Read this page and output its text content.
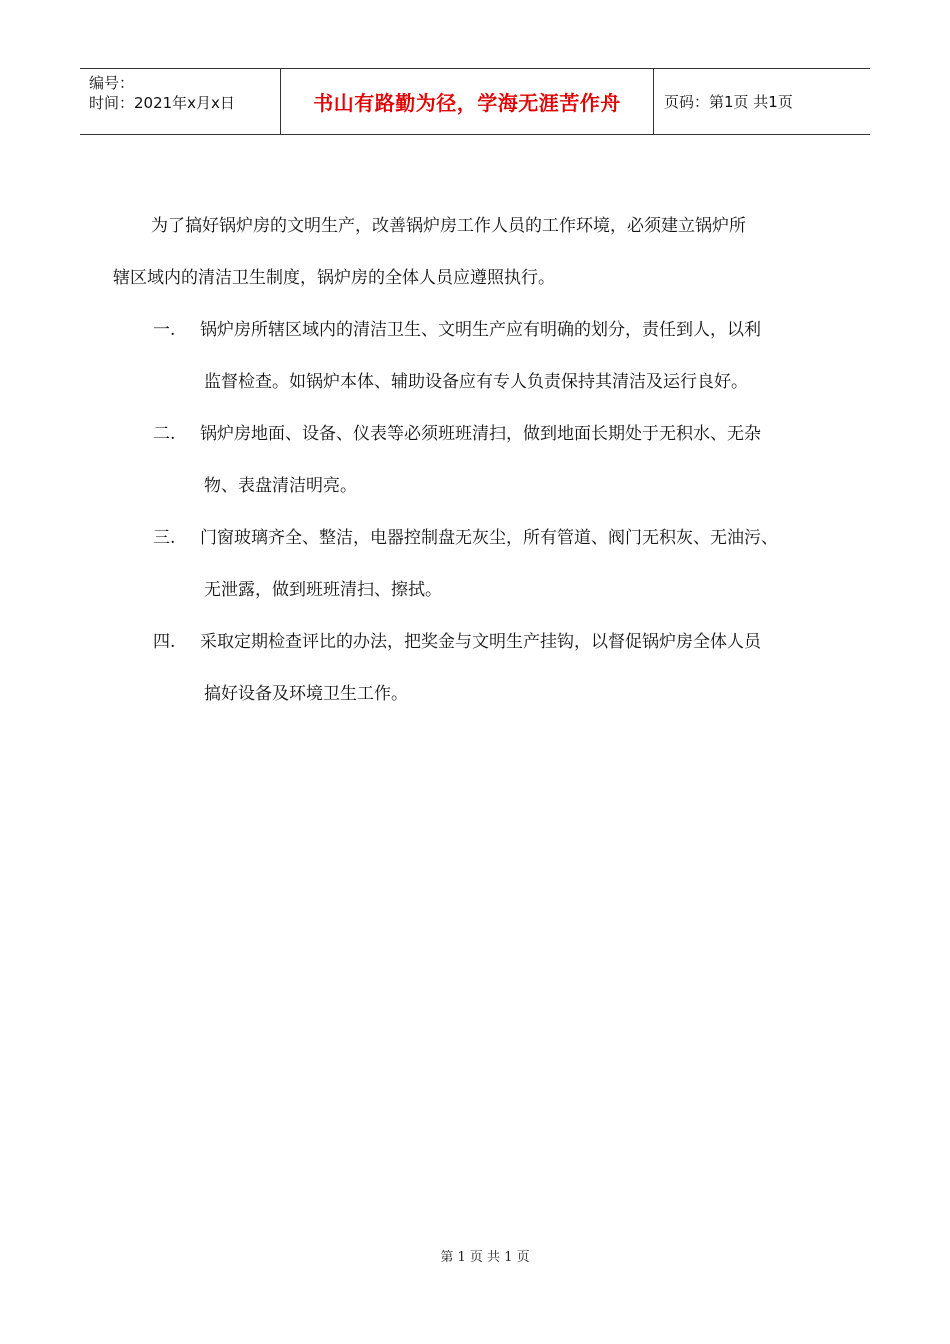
编号：
时间：2021年x月x日	书山有路勤为径，学海无涯苦作舟	页码：第1页 共1页

为了搞好锅炉房的文明生产，改善锅炉房工作人员的工作环境，必须建立锅炉所

辖区域内的清洁卫生制度，锅炉房的全体人员应遵照执行。

一. 锅炉房所辖区域内的清洁卫生、文明生产应有明确的划分，责任到人，以利
监督检查。如锅炉本体、辅助设备应有专人负责保持其清洁及运行良好。
二. 锅炉房地面、设备、仪表等必须班班清扫，做到地面长期处于无积水、无杂
物、表盘清洁明亮。
三. 门窗玻璃齐全、整洁，电器控制盘无灰尘，所有管道、阀门无积灰、无油污、
无泄露，做到班班清扫、擦拭。
四. 采取定期检查评比的办法，把奖金与文明生产挂钩，以督促锅炉房全体人员
搞好设备及环境卫生工作。
第 1 页 共 1 页
